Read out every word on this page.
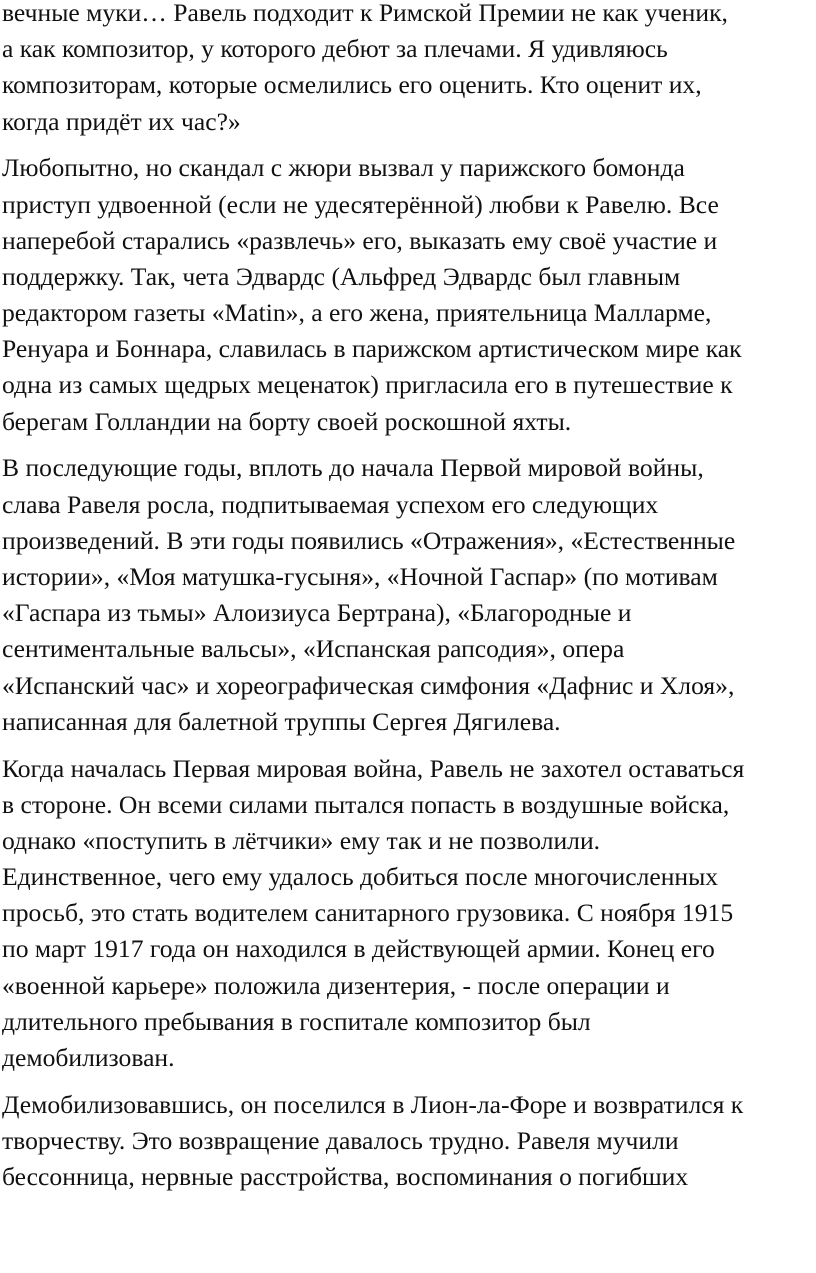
вечные муки… Равель подходит к Римской Премии не как ученик,
а как композитор, у которого дебют за плечами. Я удивляюсь
композиторам, которые осмелились его оценить. Кто оценит их,
когда придёт их час?»
Любопытно, но скандал с жюри вызвал у парижского бомонда
приступ удвоенной (если не удесятерённой) любви к Равелю. Все
наперебой старались «развлечь» его, выказать ему своё участие и
поддержку. Так, чета Эдвардс (Альфред Эдвардс был главным
редактором газеты «Matin», а его жена, приятельница Малларме,
Ренуара и Боннара, славилась в парижском артистическом мире как
одна из самых щедрых меценаток) пригласила его в путешествие к
берегам Голландии на борту своей роскошной яхты.
В последующие годы, вплоть до начала Первой мировой войны,
слава Равеля росла, подпитываемая успехом его следующих
произведений. В эти годы появились «Отражения», «Естественные
истории», «Моя матушка-гусыня», «Ночной Гаспар» (по мотивам
«Гаспара из тьмы» Алоизиуса Бертрана), «Благородные и
сентиментальные вальсы», «Испанская рапсодия», опера
«Испанский час» и хореографическая симфония «Дафнис и Хлоя»,
написанная для балетной труппы Сергея Дягилева.
Когда началась Первая мировая война, Равель не захотел оставаться
в стороне. Он всеми силами пытался попасть в воздушные войска,
однако «поступить в лётчики» ему так и не позволили.
Единственное, чего ему удалось добиться после многочисленных
просьб, это стать водителем санитарного грузовика. С ноября 1915
по март 1917 года он находился в действующей армии. Конец его
«военной карьере» положила дизентерия, - после операции и
длительного пребывания в госпитале композитор был
демобилизован.
Демобилизовавшись, он поселился в Лион-ла-Форе и возвратился к
творчеству. Это возвращение давалось трудно. Равеля мучили
бессонница, нервные расстройства, воспоминания о погибших
